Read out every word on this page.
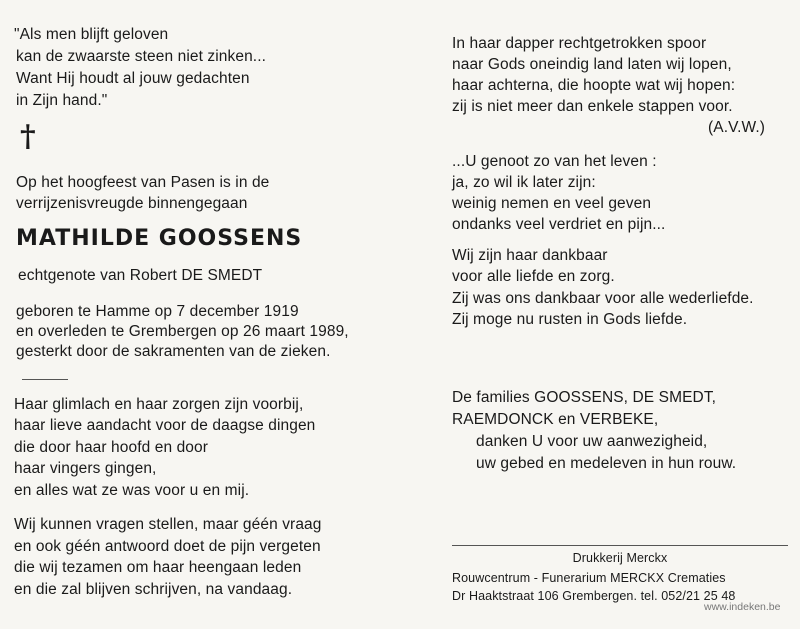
"Als men blijft geloven
kan de zwaarste steen niet zinken...
Want Hij houdt al jouw gedachten
in Zijn hand."
†
Op het hoogfeest van Pasen is in de
verrijzenisvreugde binnengegaan
MATHILDE GOOSSENS
echtgenote van Robert DE SMEDT
geboren te Hamme op 7 december 1919
en overleden te Grembergen op 26 maart 1989,
gesterkt door de sakramenten van de zieken.
Haar glimlach en haar zorgen zijn voorbij,
haar lieve aandacht voor de daagse dingen
die door haar hoofd en door
haar vingers gingen,
en alles wat ze was voor u en mij.
Wij kunnen vragen stellen, maar géén vraag
en ook géén antwoord doet de pijn vergeten
die wij tezamen om haar heengaan leden
en die zal blijven schrijven, na vandaag.
In haar dapper rechtgetrokken spoor
naar Gods oneindig land laten wij lopen,
haar achterna, die hoopte wat wij hopen:
zij is niet meer dan enkele stappen voor.
(A.V.W.)
...U genoot zo van het leven :
ja, zo wil ik later zijn:
weinig nemen en veel geven
ondanks veel verdriet en pijn...
Wij zijn haar dankbaar
voor alle liefde en zorg.
Zij was ons dankbaar voor alle wederliefde.
Zij moge nu rusten in Gods liefde.
De families GOOSSENS, DE SMEDT,
RAEMDONCK en VERBEKE,
danken U voor uw aanwezigheid,
uw gebed en medeleven in hun rouw.
Drukkerij Merckx
Rouwcentrum - Funerarium MERCKX Crematies
Dr Haaktstraat 106 Grembergen. tel. 052/21 25 48
www.indeken.be
